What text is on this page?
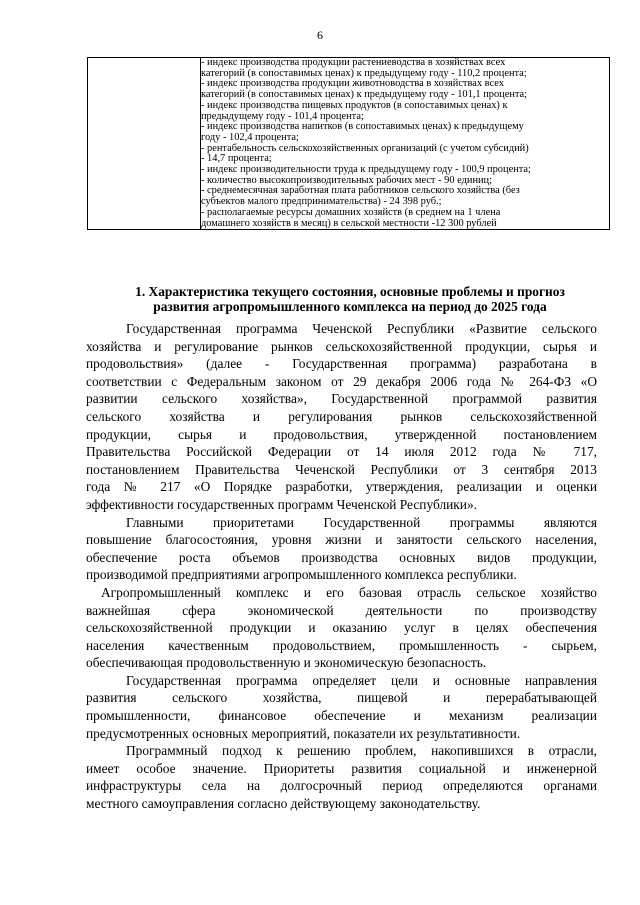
6

- индекс производства продукции растениеводства в хозяйствах всех
категорий (в сопоставимых ценах) к предыдущему году - 110,2 процента;
- индекс производства продукции животноводства в хозяйствах всех
категорий (в сопоставимых ценах) к предыдущему году - 101,1 процента;
- индекс производства пищевых продуктов (в сопоставимых ценах) к
предыдущему году - 101,4 процента;
- индекс производства напитков (в сопоставимых ценах) к предыдущему
году - 102,4 процента;
- рентабельность сельскохозяйственных организаций (с учетом субсидий)
- 14,7 процента;
- индекс производительности труда к предыдущему году - 100,9 процента;
- количество высокопроизводительных рабочих мест - 90 единиц;
- среднемесячная заработная плата работников сельского хозяйства (без
субъектов малого предпринимательства) - 24 398 руб.;
- располагаемые ресурсы домашних хозяйств (в среднем на 1 члена
домашнего хозяйств в месяц) в сельской местности -12 300 рублей
1. Характеристика текущего состояния, основные проблемы и прогноз
развития агропромышленного комплекса на период до 2025 года
Государственная программа Чеченской Республики «Развитие сельского
хозяйства и регулирование рынков сельскохозяйственной продукции, сырья и
продовольствия» (далее - Государственная программа) разработана в
соответствии с Федеральным законом от 29 декабря 2006 года № 264-ФЗ «О
развитии сельского хозяйства», Государственной программой развития
сельского хозяйства и регулирования рынков сельскохозяйственной
продукции, сырья и продовольствия, утвержденной постановлением
Правительства Российской Федерации от 14 июля 2012 года № 717,
постановлением Правительства Чеченской Республики от 3 сентября 2013
года № 217 «О Порядке разработки, утверждения, реализации и оценки
эффективности государственных программ Чеченской Республики».
Главными приоритетами Государственной программы являются
повышение благосостояния, уровня жизни и занятости сельского населения,
обеспечение роста объемов производства основных видов продукции,
производимой предприятиями агропромышленного комплекса республики.
Агропромышленный комплекс и его базовая отрасль сельское хозяйство
важнейшая сфера экономической деятельности по производству
сельскохозяйственной продукции и оказанию услуг в целях обеспечения
населения качественным продовольствием, промышленность - сырьем,
обеспечивающая продовольственную и экономическую безопасность.
Государственная программа определяет цели и основные направления
развития сельского хозяйства, пищевой и перерабатывающей
промышленности, финансовое обеспечение и механизм реализации
предусмотренных основных мероприятий, показатели их результативности.
Программный подход к решению проблем, накопившихся в отрасли,
имеет особое значение. Приоритеты развития социальной и инженерной
инфраструктуры села на долгосрочный период определяются органами
местного самоуправления согласно действующему законодательству.
